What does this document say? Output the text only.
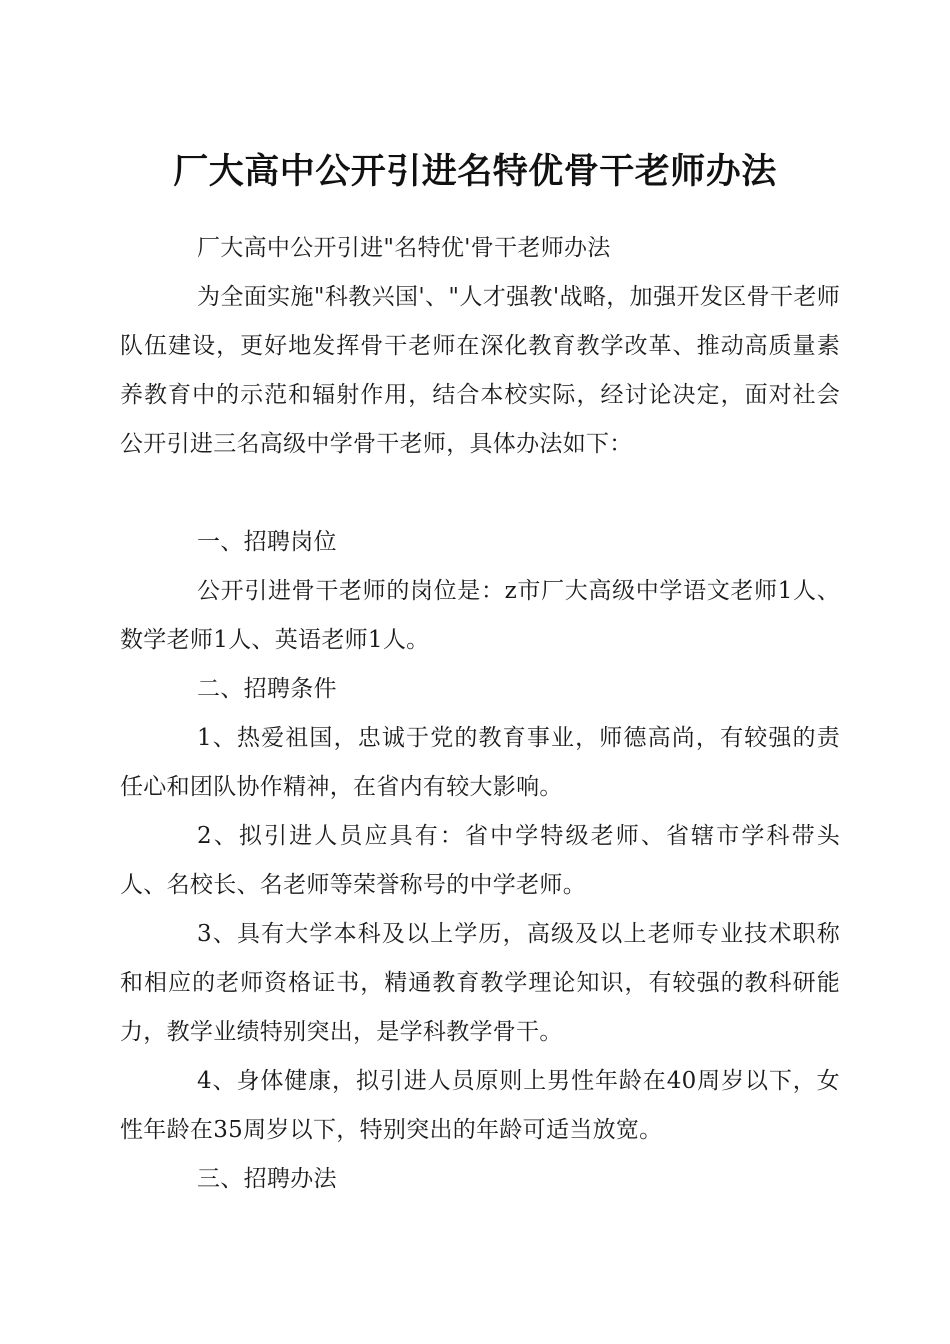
厂大高中公开引进名特优骨干老师办法

厂大高中公开引进"名特优'骨干老师办法

为全面实施"科教兴国'、"人才强教'战略，加强开发区骨干老师队伍建设，更好地发挥骨干老师在深化教育教学改革、推动高质量素养教育中的示范和辐射作用，结合本校实际，经讨论决定，面对社会公开引进三名高级中学骨干老师，具体办法如下：

一、招聘岗位

公开引进骨干老师的岗位是：z市厂大高级中学语文老师1人、数学老师1人、英语老师1人。

二、招聘条件

1、热爱祖国，忠诚于党的教育事业，师德高尚，有较强的责任心和团队协作精神，在省内有较大影响。

2、拟引进人员应具有：省中学特级老师、省辖市学科带头人、名校长、名老师等荣誉称号的中学老师。

3、具有大学本科及以上学历，高级及以上老师专业技术职称和相应的老师资格证书，精通教育教学理论知识，有较强的教科研能力，教学业绩特别突出，是学科教学骨干。

4、身体健康，拟引进人员原则上男性年龄在40周岁以下，女性年龄在35周岁以下，特别突出的年龄可适当放宽。

三、招聘办法
